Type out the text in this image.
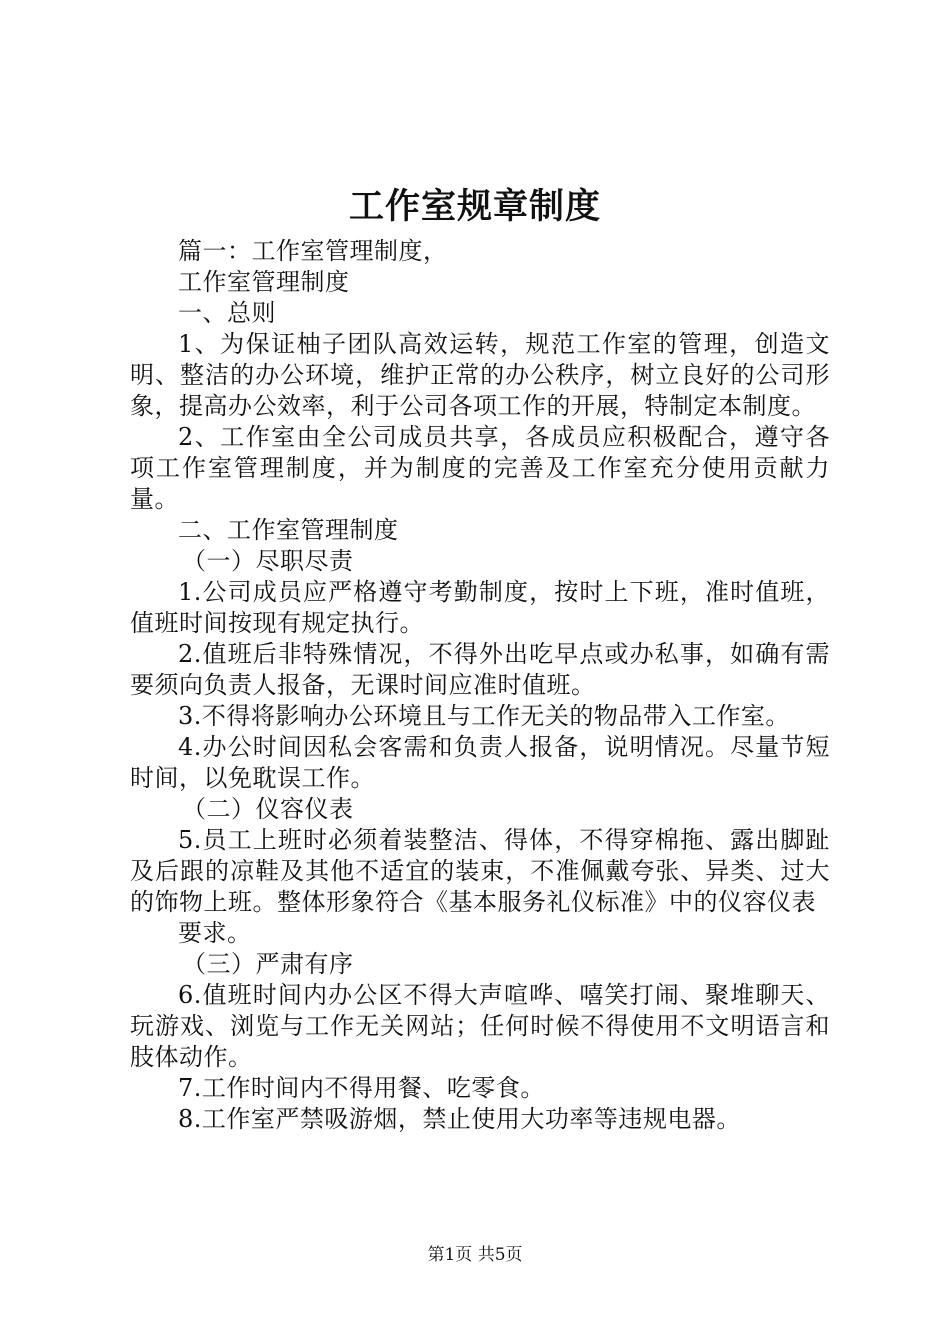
工作室规章制度

篇一：工作室管理制度，

工作室管理制度

一、总则

1、为保证柚子团队高效运转，规范工作室的管理，创造文明、整洁的办公环境，维护正常的办公秩序，树立良好的公司形象，提高办公效率，利于公司各项工作的开展，特制定本制度。

2、工作室由全公司成员共享，各成员应积极配合，遵守各项工作室管理制度，并为制度的完善及工作室充分使用贡献力量。

二、工作室管理制度

（一）尽职尽责

1.公司成员应严格遵守考勤制度，按时上下班，准时值班，值班时间按现有规定执行。

2.值班后非特殊情况，不得外出吃早点或办私事，如确有需要须向负责人报备，无课时间应准时值班。

3.不得将影响办公环境且与工作无关的物品带入工作室。

4.办公时间因私会客需和负责人报备，说明情况。尽量节短时间，以免耽误工作。

（二）仪容仪表

5.员工上班时必须着装整洁、得体，不得穿棉拖、露出脚趾及后跟的凉鞋及其他不适宜的装束，不准佩戴夸张、异类、过大的饰物上班。整体形象符合《基本服务礼仪标准》中的仪容仪表

要求。

（三）严肃有序

6.值班时间内办公区不得大声喧哗、嘻笑打闹、聚堆聊天、玩游戏、浏览与工作无关网站；任何时候不得使用不文明语言和肢体动作。

7.工作时间内不得用餐、吃零食。

8.工作室严禁吸游烟，禁止使用大功率等违规电器。

第1页 共5页
